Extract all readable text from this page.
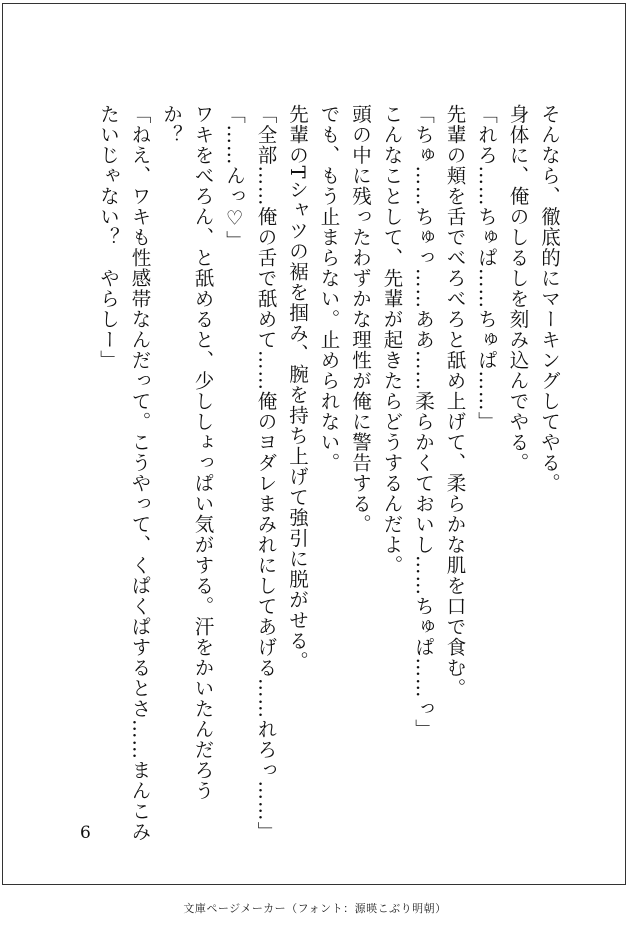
そんなら、徹底的にマーキングしてやる。
身体に、俺のしるしを刻み込んでやる。
「れろ……ちゅぱ……ちゅぱ……」
先輩の頬を舌でべろべろと舐め上げて、柔らかな肌を口で食む。
「ちゅ……ちゅっ……ああ……柔らかくておいし……ちゅぱ……っ」
こんなことして、先輩が起きたらどうするんだよ。
頭の中に残ったわずかな理性が俺に警告する。
でも、もう止まらない。止められない。
先輩のTシャツの裾を掴み、腕を持ち上げて強引に脱がせる。
「全部……俺の舌で舐めて……俺のヨダレまみれにしてあげる……れろっ……」
「……んっ♡」
ワキをべろん、と舐めると、少ししょっぱい気がする。汗をかいたんだろう
か？
「ねえ、ワキも性感帯なんだって。こうやって、くぱくぱするとさ……まんこみ
たいじゃない？　やらしー」
6
文庫ページメーカー（フォント：源暎こぶり明朝）
